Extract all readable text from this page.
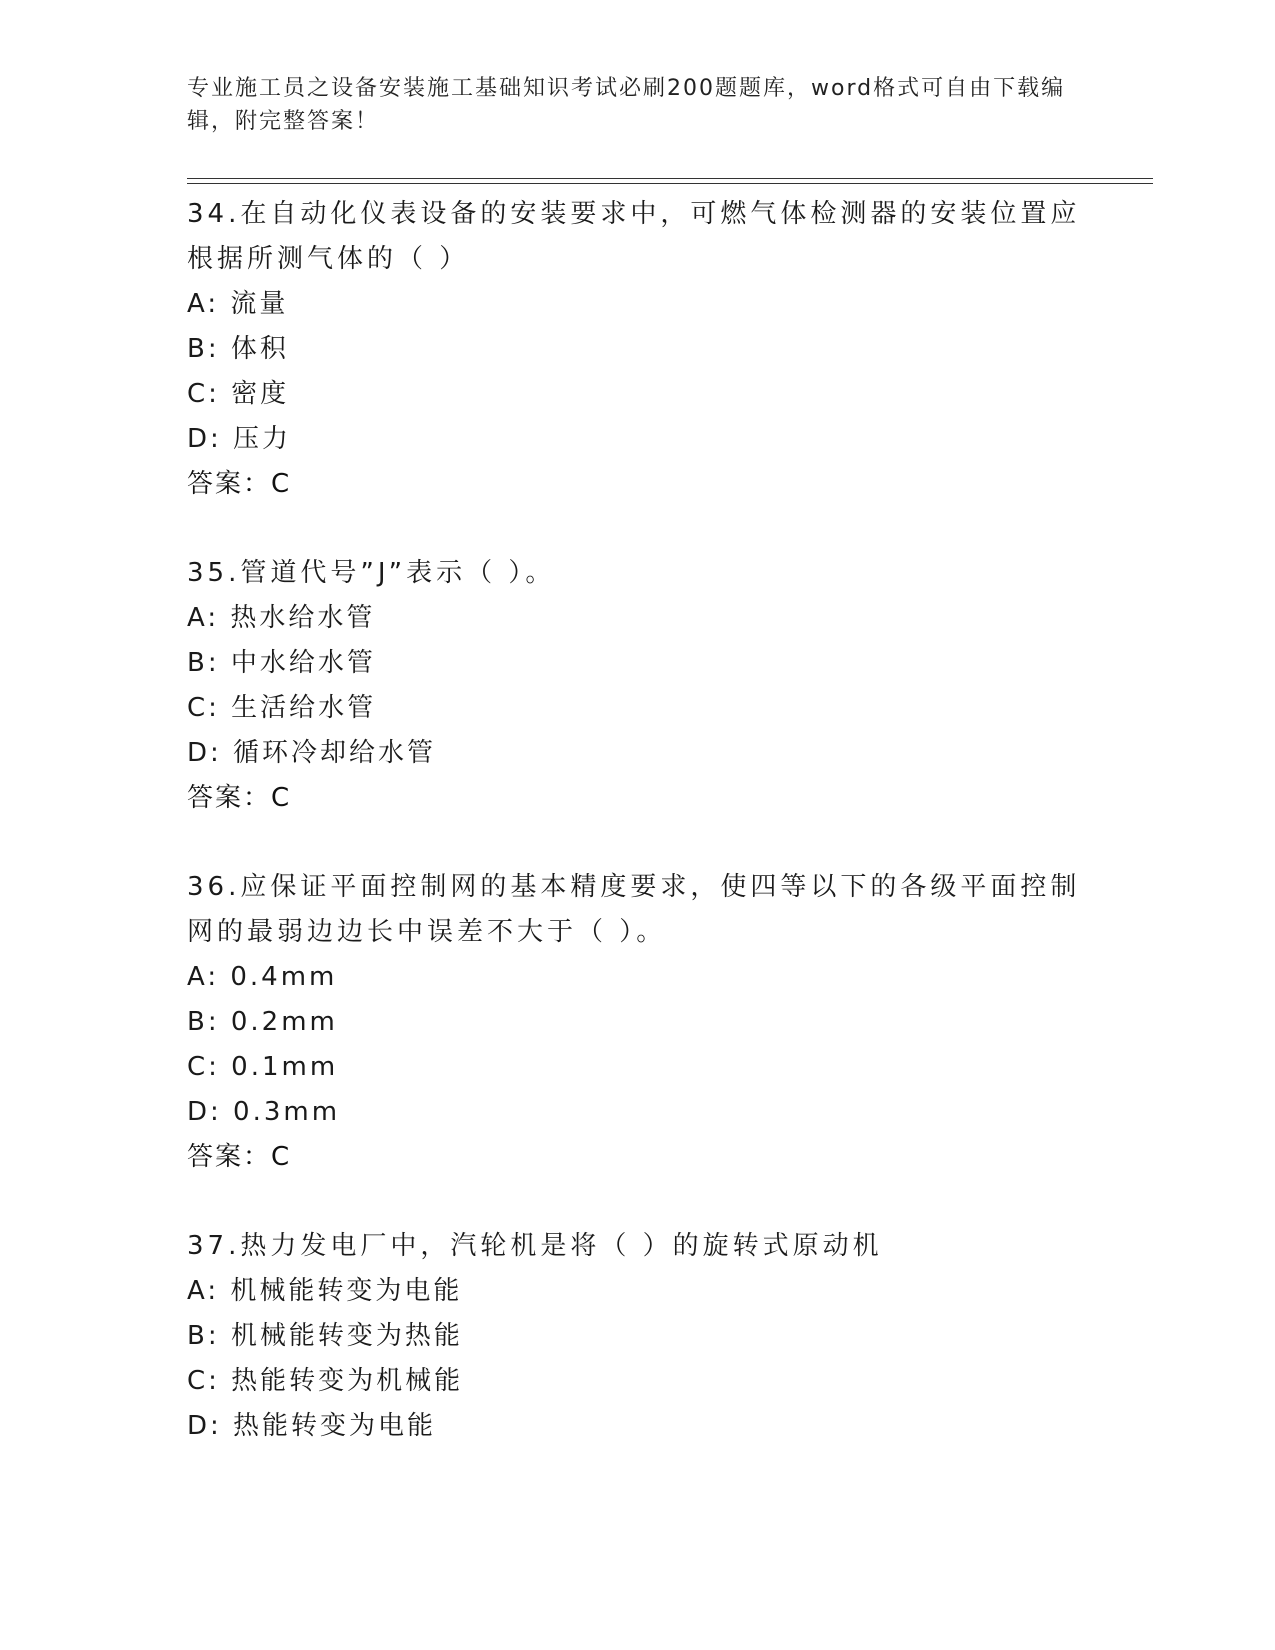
专业施工员之设备安装施工基础知识考试必刷200题题库，word格式可自由下载编辑，附完整答案！

34.在自动化仪表设备的安装要求中，可燃气体检测器的安装位置应根据所测气体的（ ）

A: 流量

B: 体积

C: 密度

D: 压力

答案：C

35.管道代号”J”表示（ ）。

A: 热水给水管

B: 中水给水管

C: 生活给水管

D: 循环冷却给水管

答案：C

36.应保证平面控制网的基本精度要求，使四等以下的各级平面控制网的最弱边边长中误差不大于（ ）。

A: 0.4mm

B: 0.2mm

C: 0.1mm

D: 0.3mm

答案：C

37.热力发电厂中，汽轮机是将（ ）的旋转式原动机

A: 机械能转变为电能

B: 机械能转变为热能

C: 热能转变为机械能

D: 热能转变为电能
